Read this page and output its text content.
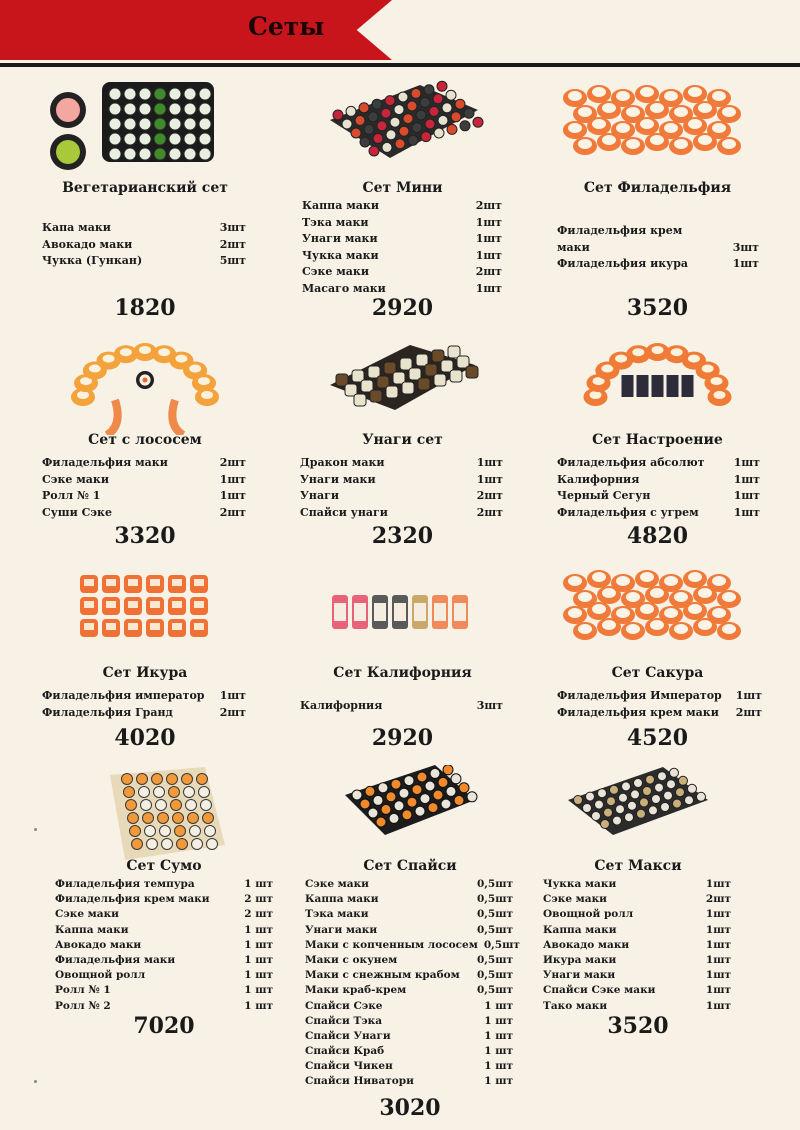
Сеты
Вегетарианский сет
Капа маки	3шт
Авокадо маки	2шт
Чукка (Гункан)	5шт
1820
Сет Мини
Каппа маки	2шт
Тэка маки	1шт
Унаги маки	1шт
Чукка маки	1шт
Сэке маки	2шт
Масаго маки	1шт
2920
Сет Филадельфия
Филадельфия крем
маки	3шт
Филадельфия икура	1шт
3520
Сет с лососем
Филадельфия маки	2шт
Сэке маки	1шт
Ролл № 1	1шт
Суши Сэке	2шт
3320
Унаги сет
Дракон маки	1шт
Унаги маки	1шт
Унаги	2шт
Спайси унаги	2шт
2320
Сет Настроение
Филадельфия абсолют	1шт
Калифорния	1шт
Черный Сегун	1шт
Филадельфия с угрем	1шт
4820
Сет Икура
Филадельфия император	1шт
Филадельфия Гранд	2шт
4020
Сет Калифорния
Калифорния	3шт
2920
Сет Сакура
Филадельфия Император	1шт
Филадельфия крем маки	2шт
4520
Сет Сумо
Филадельфия темпура	1 шт
Филадельфия крем маки	2 шт
Сэке маки	2 шт
Каппа маки	1 шт
Авокадо маки	1 шт
Филадельфия маки	1 шт
Овощной ролл	1 шт
Ролл № 1	1 шт
Ролл № 2	1 шт
7020
Сет Спайси
Сэке маки	0,5шт
Каппа маки	0,5шт
Тэка маки	0,5шт
Унаги маки	0,5шт
Маки с копченным лососем 0,5шт
Маки с окунем	0,5шт
Маки с снежным крабом	0,5шт
Маки краб-крем	0,5шт
Спайси Сэке	1 шт
Спайси Тэка	1 шт
Спайси Унаги	1 шт
Спайси Краб	1 шт
Спайси Чикен	1 шт
Спайси Ниватори	1 шт
3020
Сет Макси
Чукка маки	1шт
Сэке маки	2шт
Овощной ролл	1шт
Каппа маки	1шт
Авокадо маки	1шт
Икура маки	1шт
Унаги маки	1шт
Спайси Сэке маки	1шт
Тако маки	1шт
3520
